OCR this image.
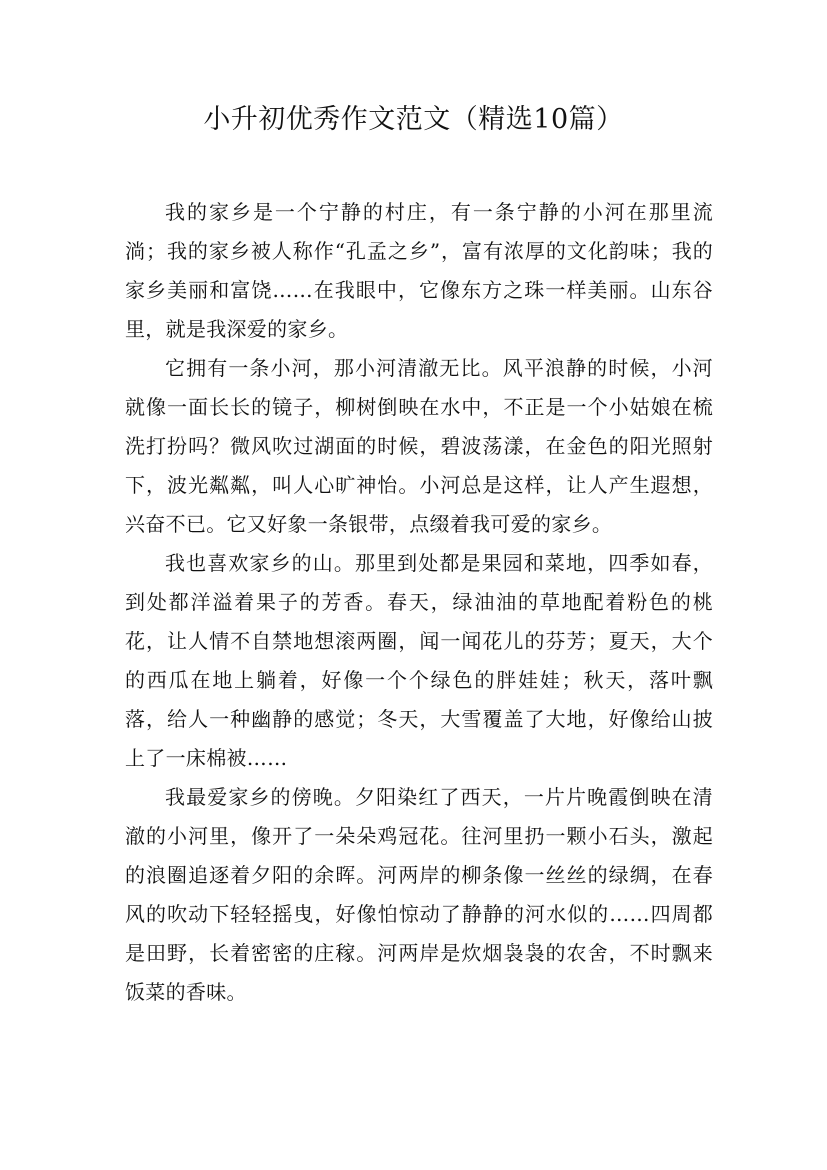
小升初优秀作文范文（精选10篇）

我的家乡是一个宁静的村庄，有一条宁静的小河在那里流淌；我的家乡被人称作“孔孟之乡”，富有浓厚的文化韵味；我的家乡美丽和富饶……在我眼中，它像东方之珠一样美丽。山东谷里，就是我深爱的家乡。

它拥有一条小河，那小河清澈无比。风平浪静的时候，小河就像一面长长的镜子，柳树倒映在水中，不正是一个小姑娘在梳洗打扮吗？微风吹过湖面的时候，碧波荡漾，在金色的阳光照射下，波光粼粼，叫人心旷神怡。小河总是这样，让人产生遐想，兴奋不已。它又好象一条银带，点缀着我可爱的家乡。

我也喜欢家乡的山。那里到处都是果园和菜地，四季如春，到处都洋溢着果子的芳香。春天，绿油油的草地配着粉色的桃花，让人情不自禁地想滚两圈，闻一闻花儿的芬芳；夏天，大个的西瓜在地上躺着，好像一个个绿色的胖娃娃；秋天，落叶飘落，给人一种幽静的感觉；冬天，大雪覆盖了大地，好像给山披上了一床棉被……

我最爱家乡的傍晚。夕阳染红了西天，一片片晚霞倒映在清澈的小河里，像开了一朵朵鸡冠花。往河里扔一颗小石头，激起的浪圈追逐着夕阳的余晖。河两岸的柳条像一丝丝的绿绸，在春风的吹动下轻轻摇曳，好像怕惊动了静静的河水似的……四周都是田野，长着密密的庄稼。河两岸是炊烟袅袅的农舍，不时飘来饭菜的香味。
